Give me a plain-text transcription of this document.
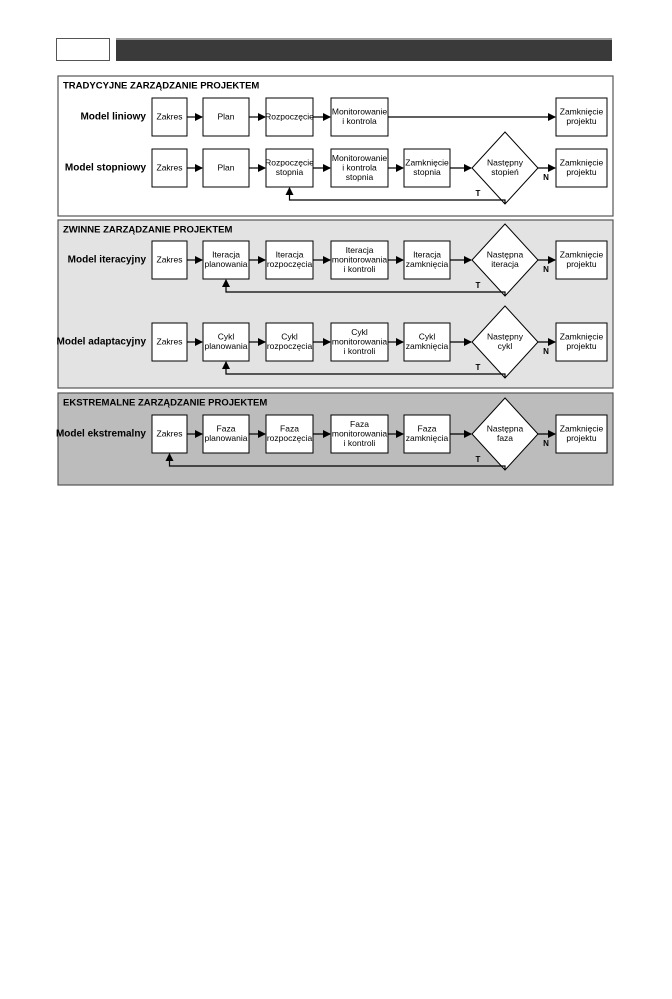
TRADYCYJNE ZARZĄDZANIE PROJEKTEM
Model liniowy Zakres	Plan	Rozpoczęcie Monitorowanie
i kontrola
Zamknięcie
projektu
Model stopniowy Zakres	Plan	Rozpoczęcie
stopnia
Monitorowanie
i kontrola
stopnia
Zamknięcie
stopnia
Zamknięcie
projektu
Następny
stopień
N
T
ZWINNE ZARZĄDZANIE PROJEKTEM
Model iteracyjny Zakres	Iteracja
planowania
Iteracja
rozpoczęcia
Iteracja
monitorowania
i kontroli
Iteracja
zamknięcia
Zamknięcie
projektu
Następna
iteracja
N
T
Model adaptacyjny Zakres	Cykl
planowania
Cykl
rozpoczęcia
Cykl
monitorowania
i kontroli
Cykl
zamknięcia
Zamknięcie
projektu
Następny
cykl
N
T
EKSTREMALNE ZARZĄDZANIE PROJEKTEM
Model ekstremalny Zakres	Faza
planowania
Faza
rozpoczęcia
Faza
monitorowania
i kontroli
Faza
zamknięcia
Zamknięcie
projektu
Następna
faza
N
T
